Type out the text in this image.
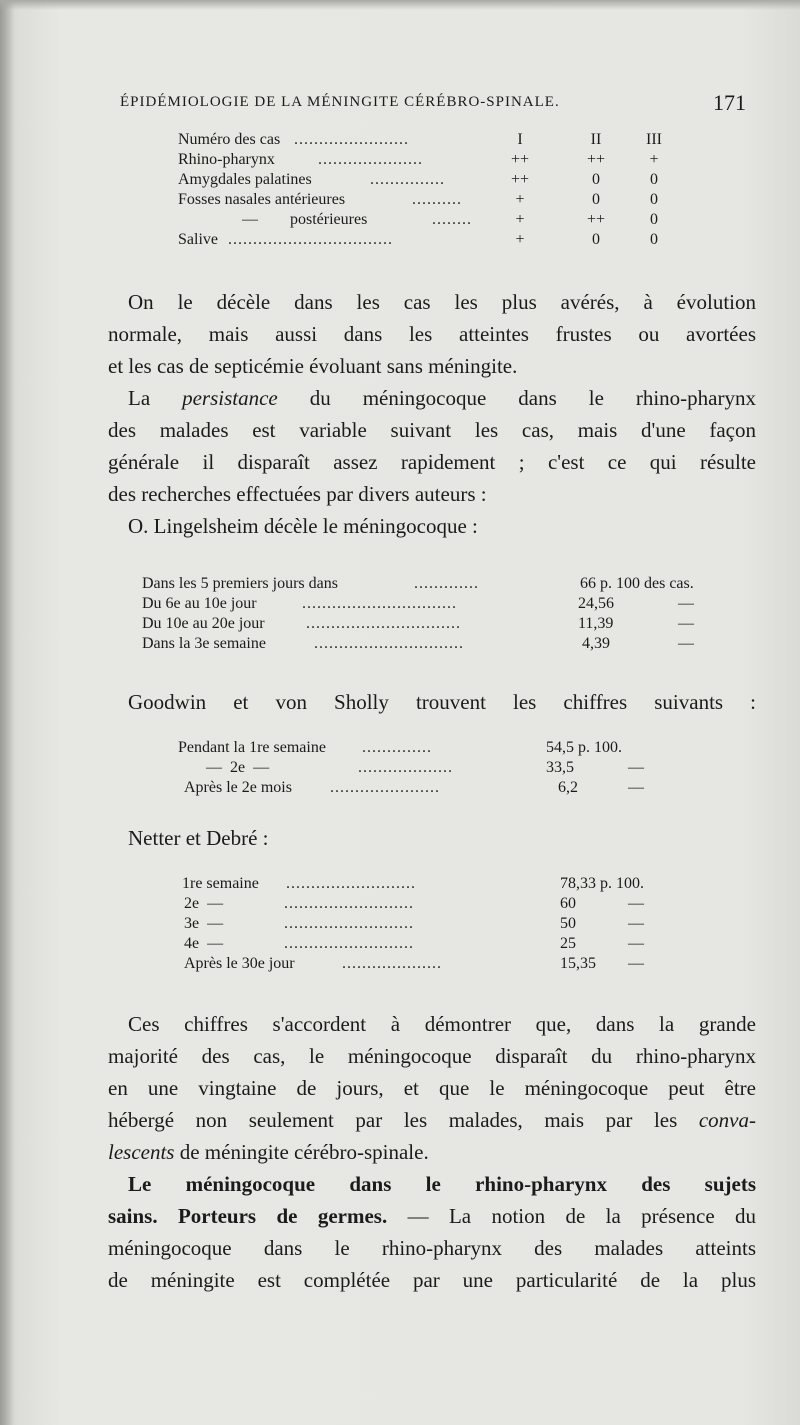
ÉPIDÉMIOLOGIE DE LA MÉNINGITE CÉRÉBRO-SPINALE.	171
Numéro des cas .......................	I	II	III
Rhino-pharynx	.....................	++	++	+
Amygdales palatines	...............	++	0	0
Fosses nasales antérieures	..........	+	0	0
—        postérieures	........	+	++	0
Salive .................................	+	0	0
On le décèle dans les cas les plus avérés, à évolution
normale, mais aussi dans les atteintes frustes ou avortées
et les cas de septicémie évoluant sans méningite.
La persistance du méningocoque dans le rhino-pharynx
des malades est variable suivant les cas, mais d'une façon
générale il disparaît assez rapidement ; c'est ce qui résulte
des recherches effectuées par divers auteurs :
O. Lingelsheim décèle le méningocoque :
Dans les 5 premiers jours dans	.............	66 p. 100 des cas.
Du 6e au 10e jour	...............................	24,56	—
Du 10e au 20e jour	...............................	11,39	—
Dans la 3e semaine	..............................	4,39	—
Goodwin et von Sholly trouvent les chiffres suivants :
Pendant la 1re semaine ..............	54,5 p. 100.
—  2e  —	...................	33,5	—
Après le 2e mois ......................	6,2	—
Netter et Debré :
1re semaine ..........................	78,33 p. 100.
2e  —	..........................	60	—
3e  —	..........................	50	—
4e  —	..........................	25	—
Après le 30e jour	....................	15,35 —
Ces chiffres s'accordent à démontrer que, dans la grande
majorité des cas, le méningocoque disparaît du rhino-pharynx
en une vingtaine de jours, et que le méningocoque peut être
hébergé non seulement par les malades, mais par les conva-
lescents de méningite cérébro-spinale.
Le méningocoque dans le rhino-pharynx des sujets
sains. Porteurs de germes. — La notion de la présence du
méningocoque dans le rhino-pharynx des malades atteints
de méningite est complétée par une particularité de la plus
